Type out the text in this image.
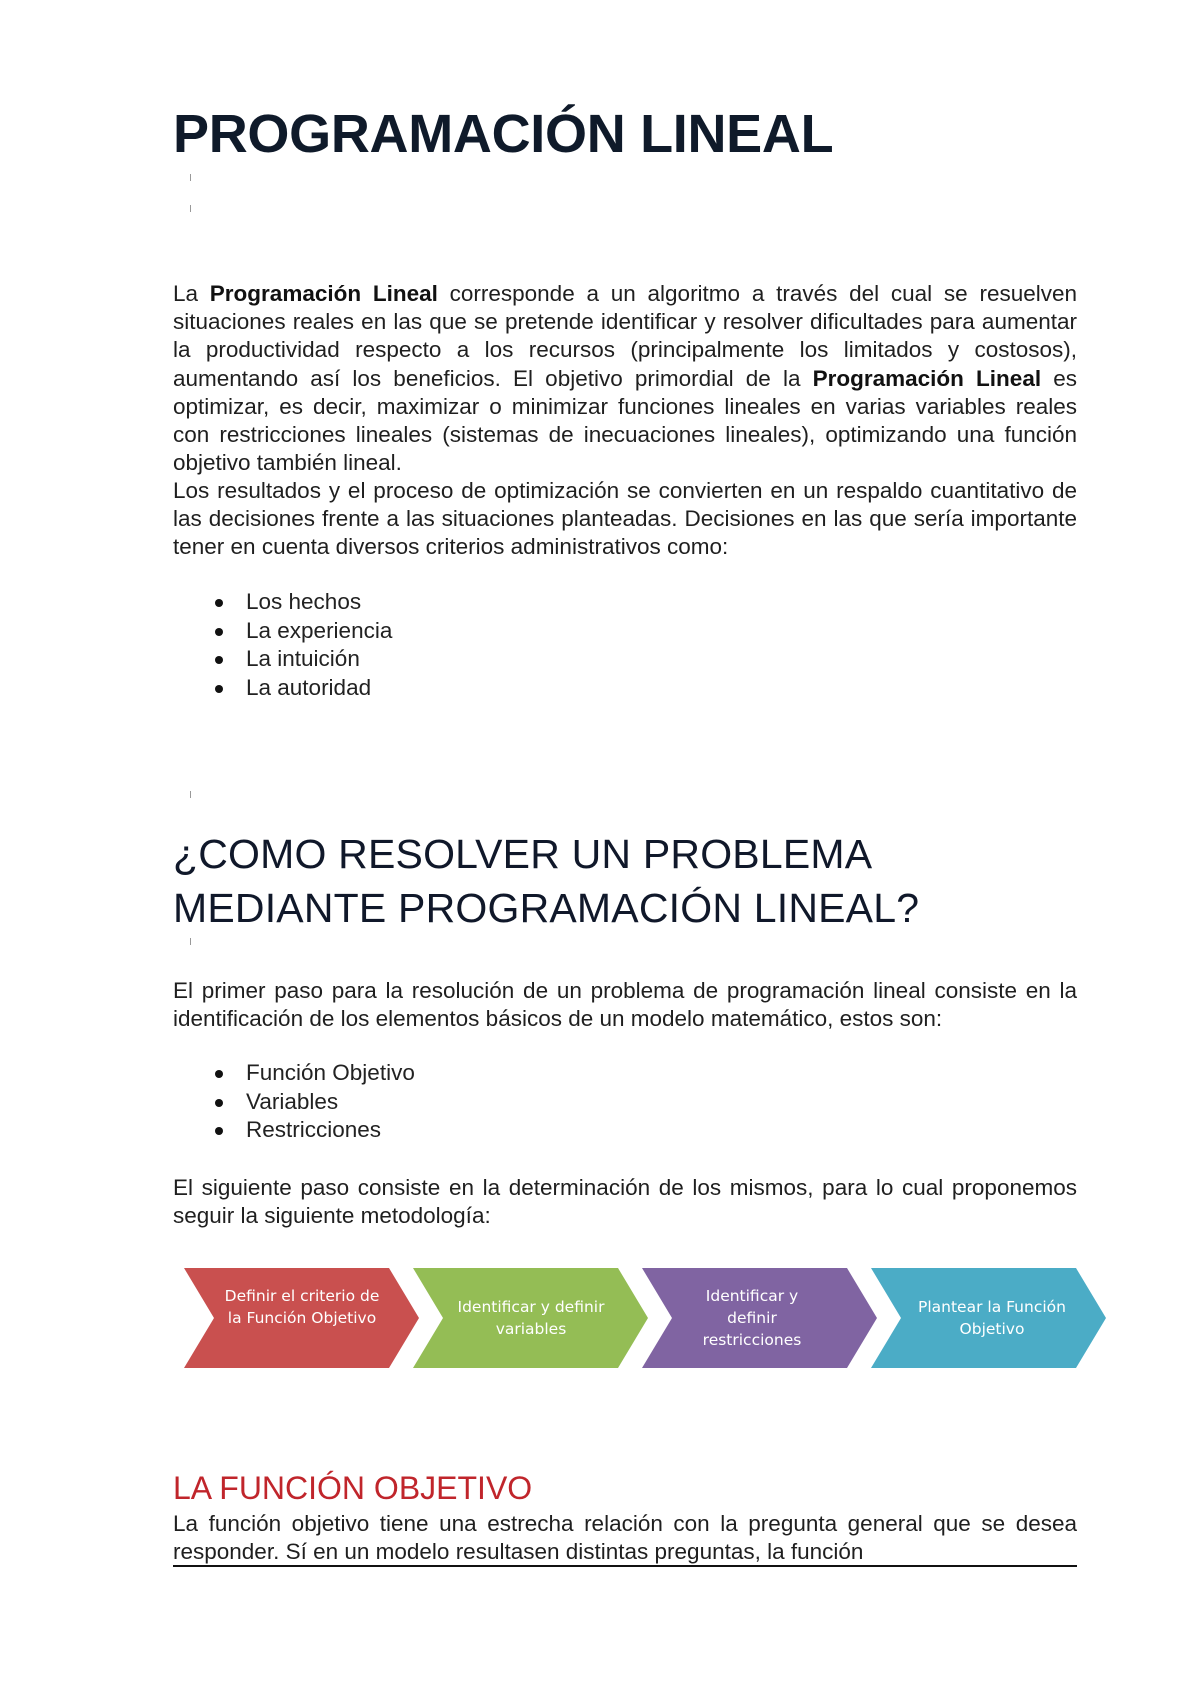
PROGRAMACIÓN LINEAL

La Programación Lineal corresponde a un algoritmo a través del cual se resuelven situaciones reales en las que se pretende identificar y resolver dificultades para aumentar la productividad respecto a los recursos (principalmente los limitados y costosos), aumentando así los beneficios. El objetivo primordial de la Programación Lineal es optimizar, es decir, maximizar o minimizar funciones lineales en varias variables reales con restricciones lineales (sistemas de inecuaciones lineales), optimizando una función objetivo también lineal.

Los resultados y el proceso de optimización se convierten en un respaldo cuantitativo de las decisiones frente a las situaciones planteadas. Decisiones en las que sería importante tener en cuenta diversos criterios administrativos como:

Los hechos
La experiencia
La intuición
La autoridad
¿COMO RESOLVER UN PROBLEMA MEDIANTE PROGRAMACIÓN LINEAL?

El primer paso para la resolución de un problema de programación lineal consiste en la identificación de los elementos básicos de un modelo matemático, estos son:

Función Objetivo
Variables
Restricciones

El siguiente paso consiste en la determinación de los mismos, para lo cual proponemos seguir la siguiente metodología:

Definir el criterio de la Función Objetivo
Identificar y definir variables
Identificar y definir restricciones
Plantear la Función Objetivo
LA FUNCIÓN OBJETIVO

La función objetivo tiene una estrecha relación con la pregunta general que se desea responder. Sí en un modelo resultasen distintas preguntas, la función
